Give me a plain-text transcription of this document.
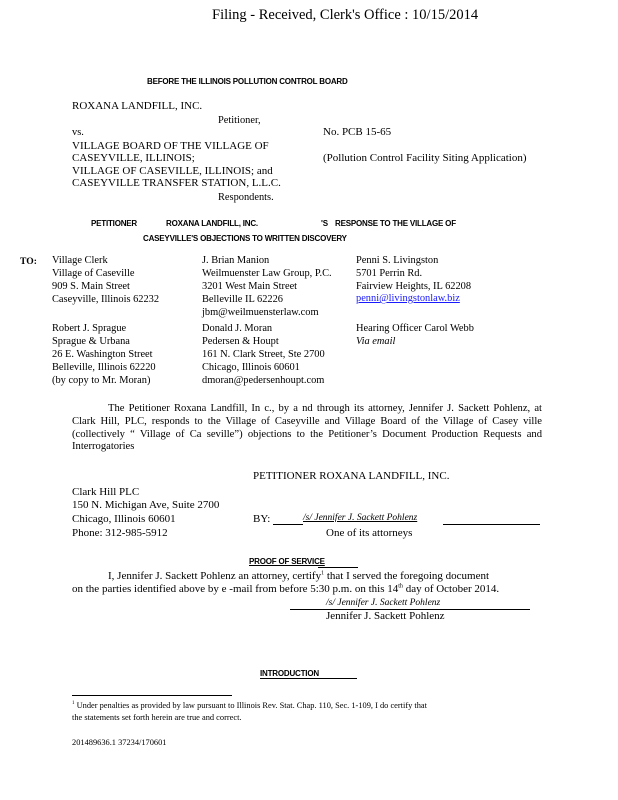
Filing - Received, Clerk's Office : 10/15/2014
BEFORE THE ILLINOIS POLLUTION CONTROL BOARD
ROXANA LANDFILL, INC.
Petitioner,
vs.
VILLAGE BOARD OF THE VILLAGE OF
CASEYVILLE, ILLINOIS;
VILLAGE OF CASEVILLE, ILLINOIS; and
CASEYVILLE TRANSFER STATION, L.L.C.
Respondents.
No. PCB 15-65
(Pollution Control Facility Siting Application)
PETITIONER	ROXANA LANDFILL, INC.	'S RESPONSE TO THE VILLAGE OF
CASEYVILLE'S OBJECTIONS TO WRITTEN DISCOVERY
TO: Village Clerk
Village of Caseville
909 S. Main Street
Caseyville, Illinois 62232
J. Brian Manion
Weilmuenster Law Group, P.C.
3201 West Main Street
Belleville IL 62226
jbm@weilmuensterlaw.com
Penni S. Livingston
5701 Perrin Rd.
Fairview Heights, IL 62208
penni@livingstonlaw.biz
Robert J. Sprague
Sprague & Urbana
26 E. Washington Street
Belleville, Illinois 62220
(by copy to Mr. Moran)
Donald J. Moran
Pedersen & Houpt
161 N. Clark Street, Ste 2700
Chicago, Illinois 60601
dmoran@pedersenhoupt.com
Hearing Officer Carol Webb
Via email
The Petitioner Roxana Landfill, In c., by a nd through its attorney, Jennifer J. Sackett Pohlenz, at Clark Hill, PLC, responds to the Village of Caseyville and Village Board of the Village of Casey ville (collectively “ Village of Ca seville”) objections to the Petitioner’s Document Production Requests and Interrogatories
PETITIONER ROXANA LANDFILL, INC.
Clark Hill PLC
150 N. Michigan Ave, Suite 2700
Chicago, Illinois 60601
Phone: 312-985-5912
BY:	/s/ Jennifer J. Sackett Pohlenz
One of its attorneys
PROOF OF SERVICE
I, Jennifer J. Sackett Pohlenz an attorney, certify$^1$ that I served the foregoing document
on the parties identified above by e -mail from before 5:30 p.m. on this 14th day of October 2014.
/s/ Jennifer J. Sackett Pohlenz
Jennifer J. Sackett Pohlenz
INTRODUCTION
$^1$ Under penalties as provided by law pursuant to Illinois Rev. Stat. Chap. 110, Sec. 1-109, I do certify that
the statements set forth herein are true and correct.
201489636.1 37234/170601
